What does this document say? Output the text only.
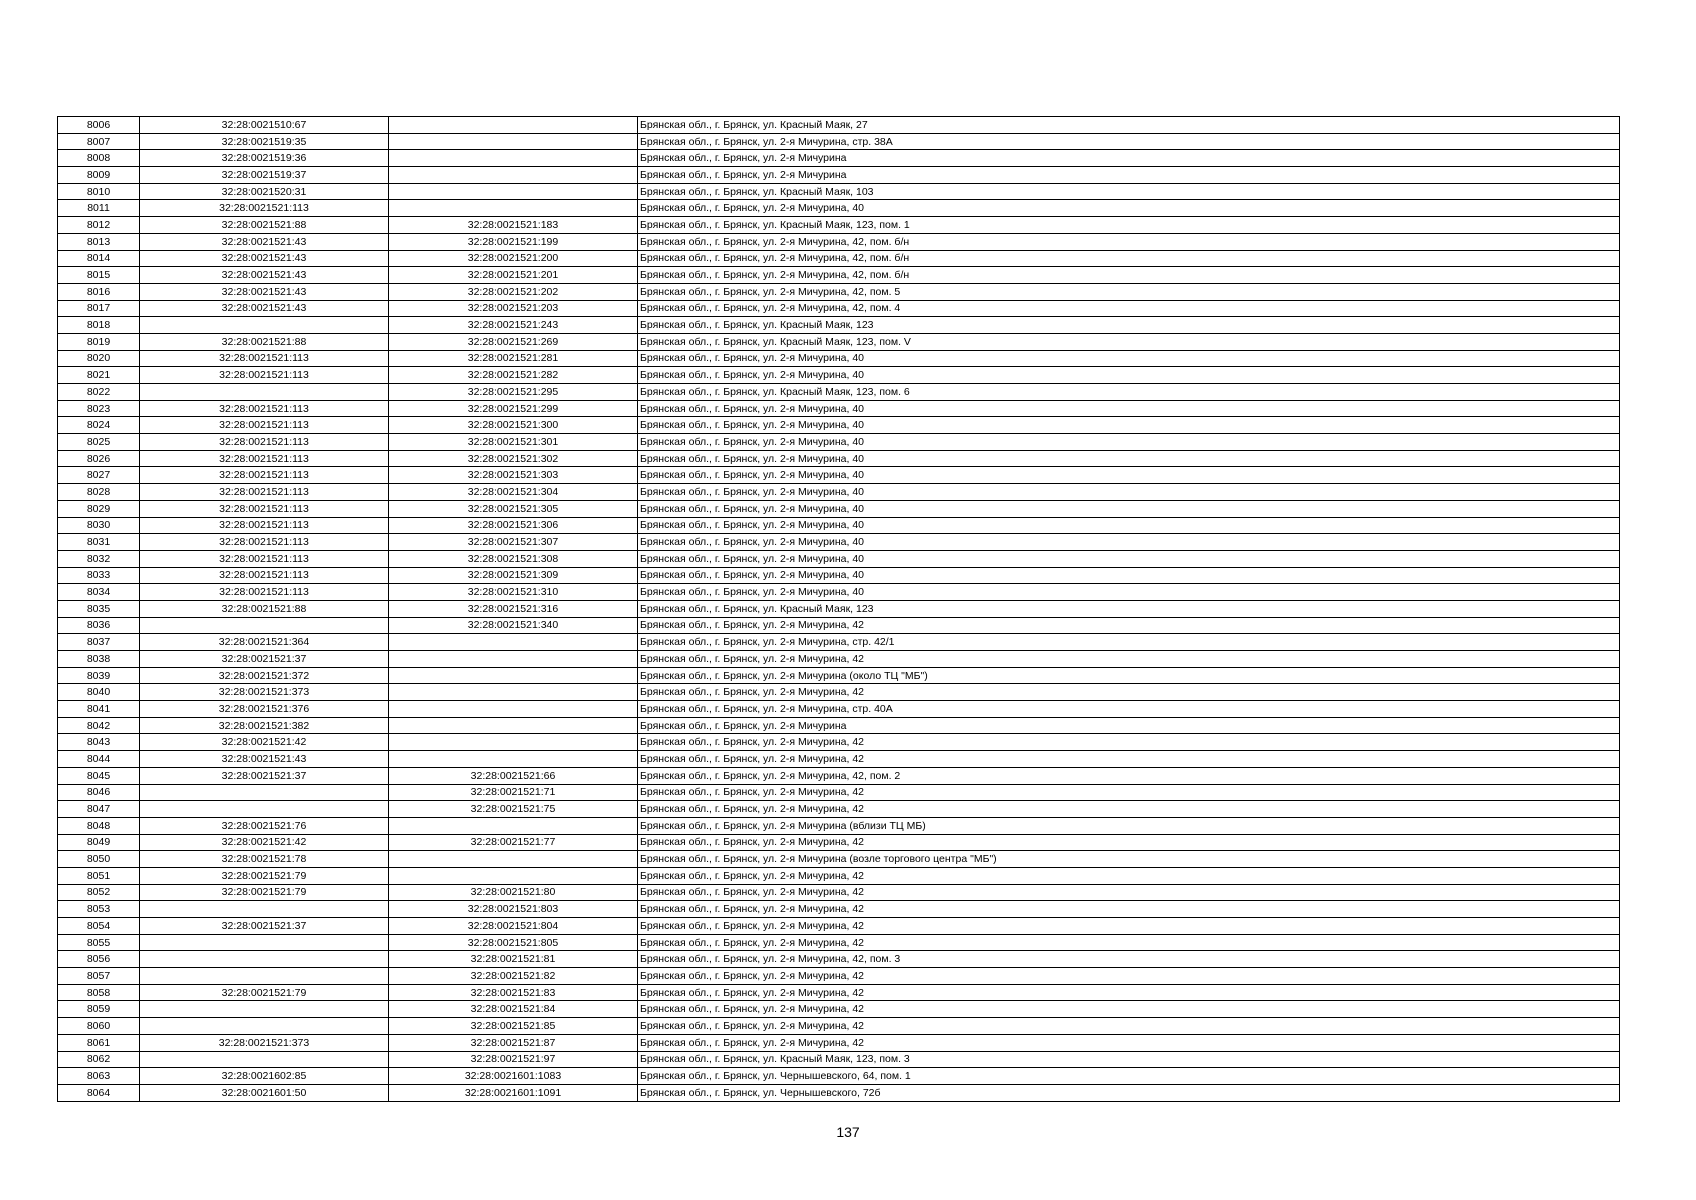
8006	32:28:0021510:67		Брянская обл., г. Брянск, ул. Красный Маяк, 27
8007	32:28:0021519:35		Брянская обл., г. Брянск, ул. 2-я Мичурина, стр. 38А
8008	32:28:0021519:36		Брянская обл., г. Брянск, ул. 2-я Мичурина
8009	32:28:0021519:37		Брянская обл., г. Брянск, ул. 2-я Мичурина
8010	32:28:0021520:31		Брянская обл., г. Брянск, ул. Красный Маяк, 103
8011	32:28:0021521:113		Брянская обл., г. Брянск, ул. 2-я Мичурина, 40
8012	32:28:0021521:88	32:28:0021521:183	Брянская обл., г. Брянск, ул. Красный Маяк, 123, пом. 1
8013	32:28:0021521:43	32:28:0021521:199	Брянская обл., г. Брянск, ул. 2-я Мичурина, 42, пом. б/н
8014	32:28:0021521:43	32:28:0021521:200	Брянская обл., г. Брянск, ул. 2-я Мичурина, 42, пом. б/н
8015	32:28:0021521:43	32:28:0021521:201	Брянская обл., г. Брянск, ул. 2-я Мичурина, 42, пом. б/н
8016	32:28:0021521:43	32:28:0021521:202	Брянская обл., г. Брянск, ул. 2-я Мичурина, 42, пом. 5
8017	32:28:0021521:43	32:28:0021521:203	Брянская обл., г. Брянск, ул. 2-я Мичурина, 42, пом. 4
8018		32:28:0021521:243	Брянская обл., г. Брянск, ул. Красный Маяк, 123
8019	32:28:0021521:88	32:28:0021521:269	Брянская обл., г. Брянск, ул. Красный Маяк, 123, пом. V
8020	32:28:0021521:113	32:28:0021521:281	Брянская обл., г. Брянск, ул. 2-я Мичурина, 40
8021	32:28:0021521:113	32:28:0021521:282	Брянская обл., г. Брянск, ул. 2-я Мичурина, 40
8022		32:28:0021521:295	Брянская обл., г. Брянск, ул. Красный Маяк, 123, пом. 6
8023	32:28:0021521:113	32:28:0021521:299	Брянская обл., г. Брянск, ул. 2-я Мичурина, 40
8024	32:28:0021521:113	32:28:0021521:300	Брянская обл., г. Брянск, ул. 2-я Мичурина, 40
8025	32:28:0021521:113	32:28:0021521:301	Брянская обл., г. Брянск, ул. 2-я Мичурина, 40
8026	32:28:0021521:113	32:28:0021521:302	Брянская обл., г. Брянск, ул. 2-я Мичурина, 40
8027	32:28:0021521:113	32:28:0021521:303	Брянская обл., г. Брянск, ул. 2-я Мичурина, 40
8028	32:28:0021521:113	32:28:0021521:304	Брянская обл., г. Брянск, ул. 2-я Мичурина, 40
8029	32:28:0021521:113	32:28:0021521:305	Брянская обл., г. Брянск, ул. 2-я Мичурина, 40
8030	32:28:0021521:113	32:28:0021521:306	Брянская обл., г. Брянск, ул. 2-я Мичурина, 40
8031	32:28:0021521:113	32:28:0021521:307	Брянская обл., г. Брянск, ул. 2-я Мичурина, 40
8032	32:28:0021521:113	32:28:0021521:308	Брянская обл., г. Брянск, ул. 2-я Мичурина, 40
8033	32:28:0021521:113	32:28:0021521:309	Брянская обл., г. Брянск, ул. 2-я Мичурина, 40
8034	32:28:0021521:113	32:28:0021521:310	Брянская обл., г. Брянск, ул. 2-я Мичурина, 40
8035	32:28:0021521:88	32:28:0021521:316	Брянская обл., г. Брянск, ул. Красный Маяк, 123
8036		32:28:0021521:340	Брянская обл., г. Брянск, ул. 2-я Мичурина, 42
8037	32:28:0021521:364		Брянская обл., г. Брянск, ул. 2-я Мичурина, стр. 42/1
8038	32:28:0021521:37		Брянская обл., г. Брянск, ул. 2-я Мичурина, 42
8039	32:28:0021521:372		Брянская обл., г. Брянск, ул. 2-я Мичурина (около ТЦ "МБ")
8040	32:28:0021521:373		Брянская обл., г. Брянск, ул. 2-я Мичурина, 42
8041	32:28:0021521:376		Брянская обл., г. Брянск, ул. 2-я Мичурина, стр. 40А
8042	32:28:0021521:382		Брянская обл., г. Брянск, ул. 2-я Мичурина
8043	32:28:0021521:42		Брянская обл., г. Брянск, ул. 2-я Мичурина, 42
8044	32:28:0021521:43		Брянская обл., г. Брянск, ул. 2-я Мичурина, 42
8045	32:28:0021521:37	32:28:0021521:66	Брянская обл., г. Брянск, ул. 2-я Мичурина, 42, пом. 2
8046		32:28:0021521:71	Брянская обл., г. Брянск, ул. 2-я Мичурина, 42
8047		32:28:0021521:75	Брянская обл., г. Брянск, ул. 2-я Мичурина, 42
8048	32:28:0021521:76		Брянская обл., г. Брянск, ул. 2-я Мичурина (вблизи ТЦ МБ)
8049	32:28:0021521:42	32:28:0021521:77	Брянская обл., г. Брянск, ул. 2-я Мичурина, 42
8050	32:28:0021521:78		Брянская обл., г. Брянск, ул. 2-я Мичурина (возле торгового центра "МБ")
8051	32:28:0021521:79		Брянская обл., г. Брянск, ул. 2-я Мичурина, 42
8052	32:28:0021521:79	32:28:0021521:80	Брянская обл., г. Брянск, ул. 2-я Мичурина, 42
8053		32:28:0021521:803	Брянская обл., г. Брянск, ул. 2-я Мичурина, 42
8054	32:28:0021521:37	32:28:0021521:804	Брянская обл., г. Брянск, ул. 2-я Мичурина, 42
8055		32:28:0021521:805	Брянская обл., г. Брянск, ул. 2-я Мичурина, 42
8056		32:28:0021521:81	Брянская обл., г. Брянск, ул. 2-я Мичурина, 42, пом. 3
8057		32:28:0021521:82	Брянская обл., г. Брянск, ул. 2-я Мичурина, 42
8058	32:28:0021521:79	32:28:0021521:83	Брянская обл., г. Брянск, ул. 2-я Мичурина, 42
8059		32:28:0021521:84	Брянская обл., г. Брянск, ул. 2-я Мичурина, 42
8060		32:28:0021521:85	Брянская обл., г. Брянск, ул. 2-я Мичурина, 42
8061	32:28:0021521:373	32:28:0021521:87	Брянская обл., г. Брянск, ул. 2-я Мичурина, 42
8062		32:28:0021521:97	Брянская обл., г. Брянск, ул. Красный Маяк, 123, пом. 3
8063	32:28:0021602:85	32:28:0021601:1083	Брянская обл., г. Брянск, ул. Чернышевского, 64, пом. 1
8064	32:28:0021601:50	32:28:0021601:1091	Брянская обл., г. Брянск, ул. Чернышевского, 72б
137
